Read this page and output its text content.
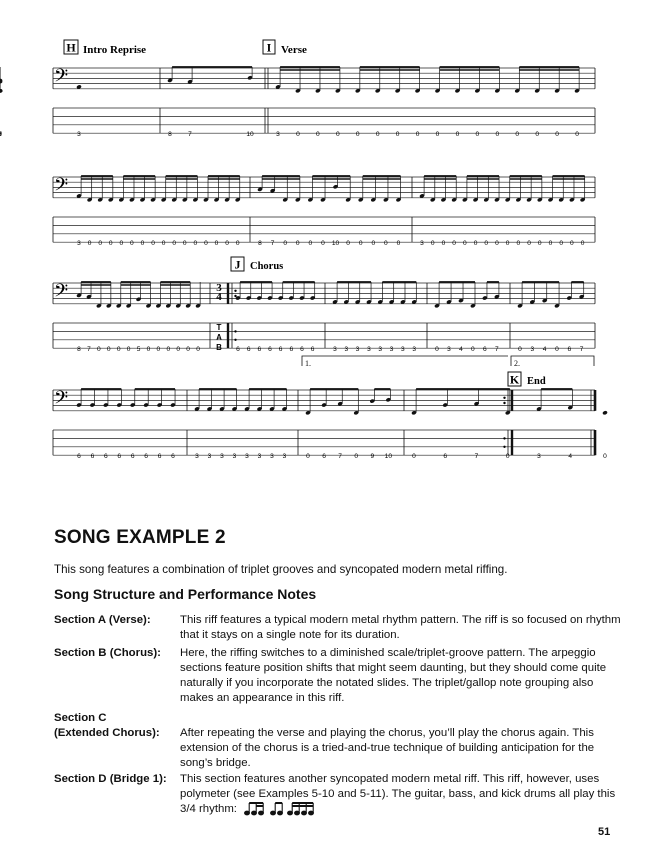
H Intro Reprise	I Verse
J Chorus
K End
1.	2.
3
4
T
A
B
𝄢
3	8 7	10	3 0 0 0 0 0 0 0 0 0 0 0 0 0 0 0
𝄢
3 0 0 0 0 0 0 0 0 0 0 0 0 0 0 0	8 7 0 0 0 0 10 0 0 0 0 0	3 0 0 0 0 0 0 0 0 0 0 0 0 0 0 0
𝄢
8 7 0 0 0 0 5 0 0 0 0 0 0	6 6 6 6 6 6 6 6	3 3 3 3 3 3 3 3	0 3 4 0 6 7	0 3 4 0 6 7
𝄢
6 6 6 6 6 6 6 6	3 3 3 3 3 3 3 3	0 6 7 0 9 10	0	6	7	0	3	4	0
SONG EXAMPLE 2
This song features a combination of triplet grooves and syncopated modern metal riffing.
Song Structure and Performance Notes
Section A (Verse):	This riff features a typical modern metal rhythm pattern. The riff is so focused on rhythm that it stays on a single note for its duration.
Section B (Chorus):	Here, the riffing switches to a diminished scale/triplet-groove pattern. The arpeggio sections feature position shifts that might seem daunting, but they should come quite naturally if you incorporate the notated slides. The triplet/gallop note grouping also makes an appearance in this riff.
Section C
(Extended Chorus):	After repeating the verse and playing the chorus, you’ll play the chorus again. This extension of the chorus is a tried-and-true technique of building anticipation for the song’s bridge.
Section D (Bridge 1):	This section features another syncopated modern metal riff. This riff, however, uses polymeter (see Examples 5-10 and 5-11). The guitar, bass, and kick drums all play this 3/4 rhythm:
51
